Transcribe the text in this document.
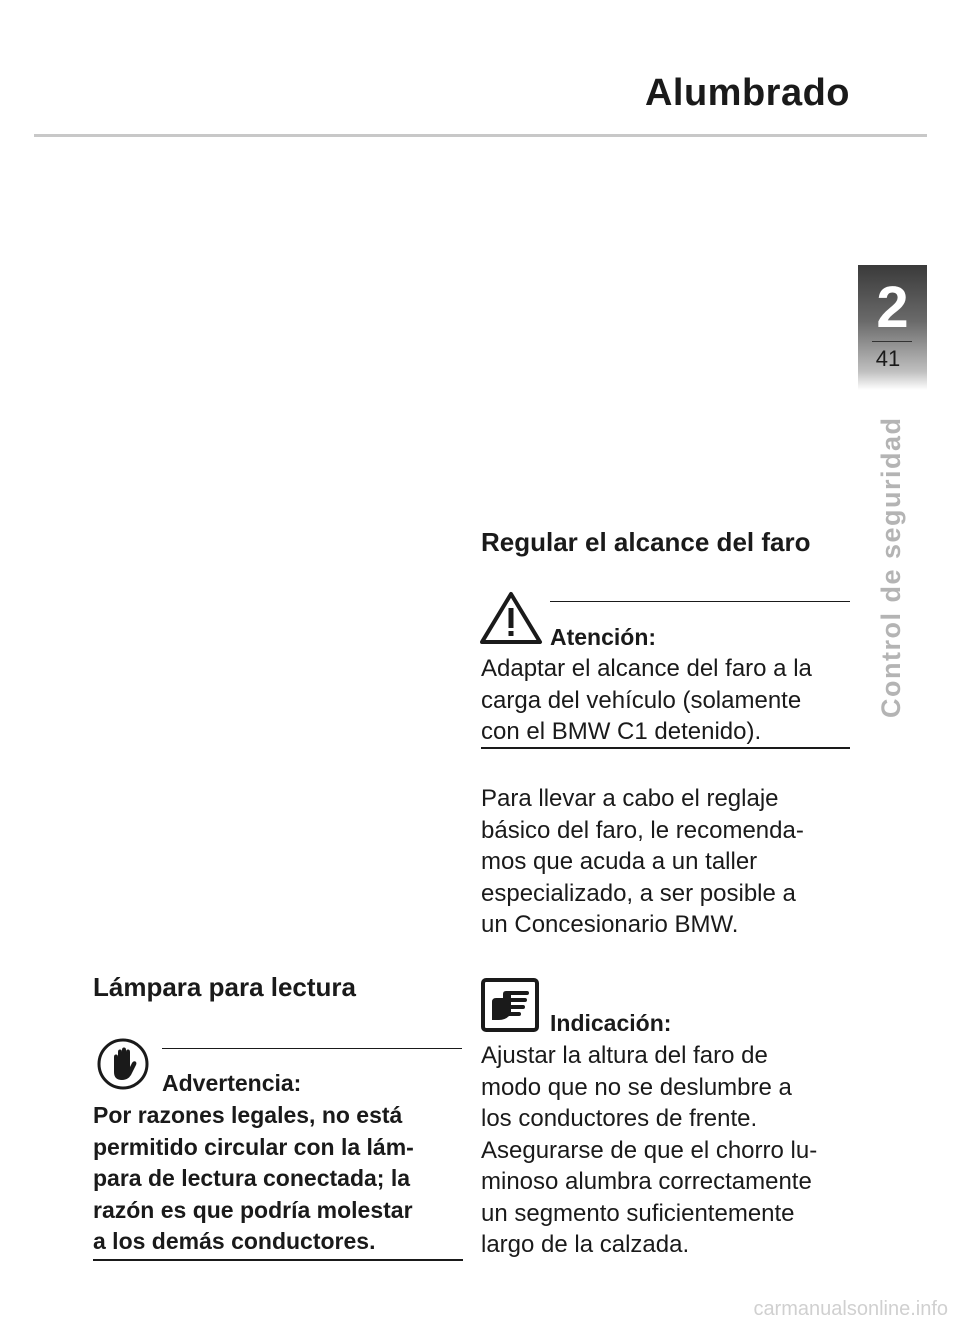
Alumbrado
2
41
Control de seguridad
Lámpara para lectura
Advertencia:
Por razones legales, no está
permitido circular con la lám-
para de lectura conectada; la
razón es que podría molestar
a los demás conductores.
Regular el alcance del faro
Atención:
Adaptar el alcance del faro a la
carga del vehículo (solamente
con el BMW C1 detenido).
Para llevar a cabo el reglaje
básico del faro, le recomenda-
mos que acuda a un taller
especializado, a ser posible a
un Concesionario BMW.
Indicación:
Ajustar la altura del faro de
modo que no se deslumbre a
los conductores de frente.
Asegurarse de que el chorro lu-
minoso alumbra correctamente
un segmento suficientemente
largo de la calzada.
carmanualsonline.info
